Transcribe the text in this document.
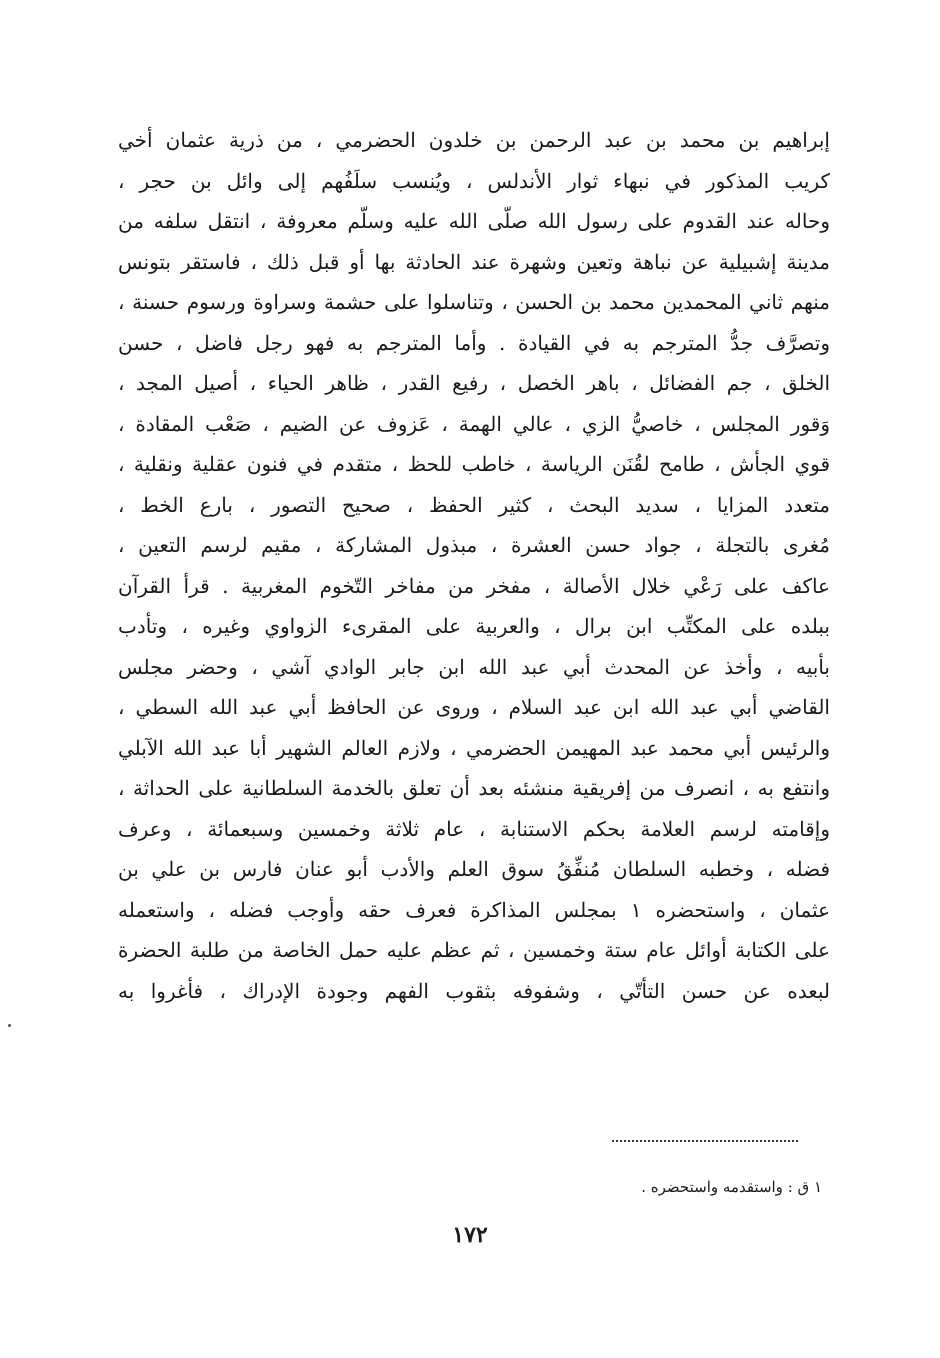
إبراهيم بن محمد بن عبد الرحمن بن خلدون الحضرمي ، من ذرية عثمان أخي
كريب المذكور في نبهاء ثوار الأندلس ، ويُنسب سلَفُهم إلى وائل بن حجر ،
وحاله عند القدوم على رسول الله صلّى الله عليه وسلّم معروفة ، انتقل سلفه من
مدينة إشبيلية عن نباهة وتعين وشهرة عند الحادثة بها أو قبل ذلك ، فاستقر بتونس
منهم ثاني المحمدين محمد بن الحسن ، وتناسلوا على حشمة وسراوة ورسوم حسنة ،
وتصرَّف جدُّ المترجم به في القيادة . وأما المترجم به فهو رجل فاضل ، حسن
الخلق ، جم الفضائل ، باهر الخصل ، رفيع القدر ، ظاهر الحياء ، أصيل المجد ،
وَقور المجلس ، خاصيُّ الزي ، عالي الهمة ، عَزوف عن الضيم ، صَعْب المقادة ،
قوي الجأش ، طامح لقُنَن الرياسة ، خاطب للحظ ، متقدم في فنون عقلية ونقلية ،
متعدد المزايا ، سديد البحث ، كثير الحفظ ، صحيح التصور ، بارع الخط ،
مُغرى بالتجلة ، جواد حسن العشرة ، مبذول المشاركة ، مقيم لرسم التعين ،
عاكف على رَعْي خلال الأصالة ، مفخر من مفاخر التّخوم المغربية . قرأ القرآن
ببلده على المكتِّب ابن برال ، والعربية على المقرىء الزواوي وغيره ، وتأدب
بأبيه ، وأخذ عن المحدث أبي عبد الله ابن جابر الوادي آشي ، وحضر مجلس
القاضي أبي عبد الله ابن عبد السلام ، وروى عن الحافظ أبي عبد الله السطي ،
والرئيس أبي محمد عبد المهيمن الحضرمي ، ولازم العالم الشهير أبا عبد الله الآبلي
وانتفع به ، انصرف من إفريقية منشئه بعد أن تعلق بالخدمة السلطانية على الحداثة ،
وإقامته لرسم العلامة بحكم الاستنابة ، عام ثلاثة وخمسين وسبعمائة ، وعرف
فضله ، وخطبه السلطان مُنفِّقُ سوق العلم والأدب أبو عنان فارس بن علي بن
عثمان ، واستحضره ١ بمجلس المذاكرة فعرف حقه وأوجب فضله ، واستعمله
على الكتابة أوائل عام ستة وخمسين ، ثم عظم عليه حمل الخاصة من طلبة الحضرة
لبعده عن حسن التأتّي ، وشفوفه بثقوب الفهم وجودة الإدراك ، فأغروا به
١ ق : واستقدمه واستحضره .
١٧٢
